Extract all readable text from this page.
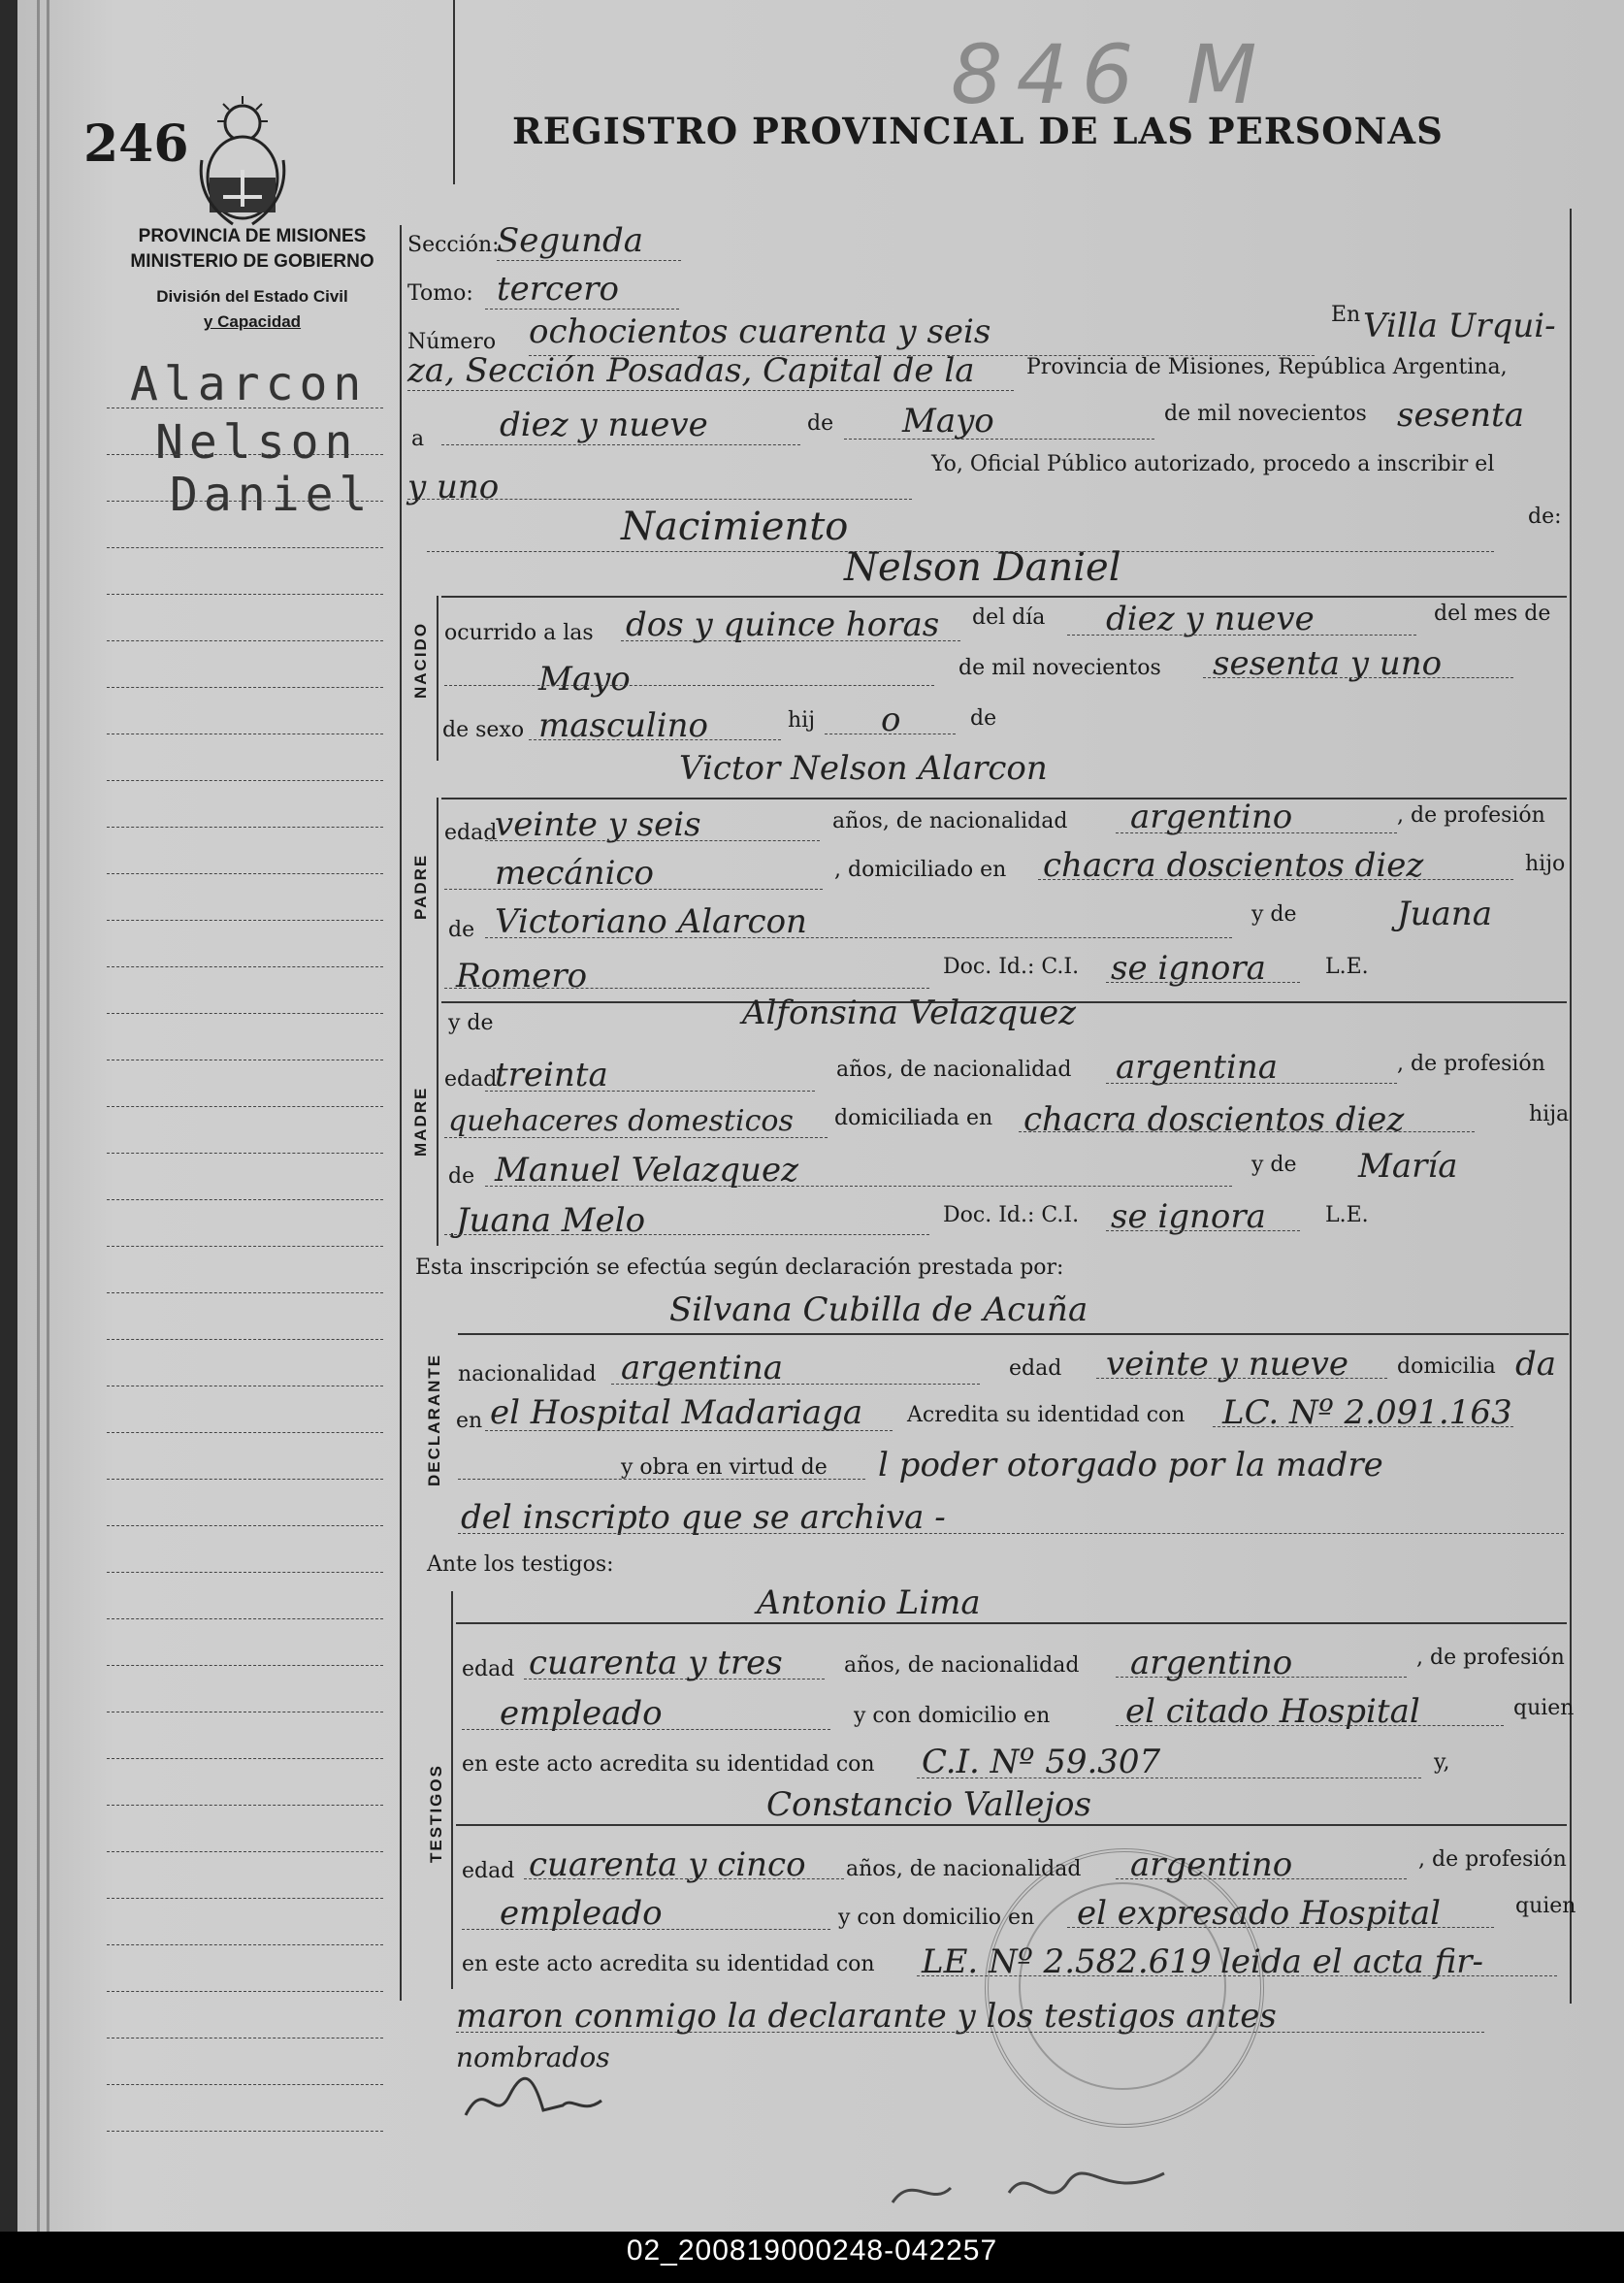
846 M
246	REGISTRO PROVINCIAL DE LAS PERSONAS
PROVINCIA DE MISIONES
MINISTERIO DE GOBIERNO
División del Estado Civil
y Capacidad
Alarcon
Nelson
Daniel
Sección:
Segunda
Tomo: tercero
Número ochocientos cuarenta y seis	En Villa Urqui-
za, Sección Posadas, Capital de la Provincia de Misiones, República Argentina,
a diez y nueve	de Mayo	de mil novecientos sesenta
y uno
Yo, Oficial Público autorizado, procedo a inscribir el
Nacimiento	de:
NACIDO
Nelson Daniel
ocurrido a las dos y quince horas del día diez y nueve	del mes de
Mayo	de mil novecientos sesenta y uno
de sexo masculino	hij o	de
Victor Nelson Alarcon
PADRE
edad
veinte y seis	años, de nacionalidad argentino	, de profesión
mecánico	, domiciliado en chacra doscientos diez	hijo
de Victoriano Alarcon	y de	Juana
Romero	Doc. Id.: C.I. se ignora	L.E.
MADRE
y de	Alfonsina Velazquez
edad
treinta	años, de nacionalidad argentina	, de profesión
quehaceres domesticos domiciliada en chacra doscientos diez	hija
de Manuel Velazquez	y de María
Juana Melo	Doc. Id.: C.I. se ignora	L.E.
Esta inscripción se efectúa según declaración prestada por:
Silvana Cubilla de Acuña
DECLARANTE nacionalidad argentina	edad veinte y nueve domicilia da
en el Hospital Madariaga Acredita su identidad con LC. Nº 2.091.163
y obra en virtud de l poder otorgado por la madre
del inscripto que se archiva -
Ante los testigos:
Antonio Lima
TESTIGOS
edad cuarenta y tres	años, de nacionalidad argentino	, de profesión
empleado	y con domicilio en el citado Hospital	quien
en este acto acredita su identidad con C.I. Nº 59.307	y,
Constancio Vallejos
edad cuarenta y cinco años, de nacionalidad argentino	, de profesión
empleado	y con domicilio en el expresado Hospital	quien
en este acto acredita su identidad con LE. Nº 2.582.619 leida el acta fir-
maron conmigo la declarante y los testigos antes
nombrados
02_200819000248-042257
